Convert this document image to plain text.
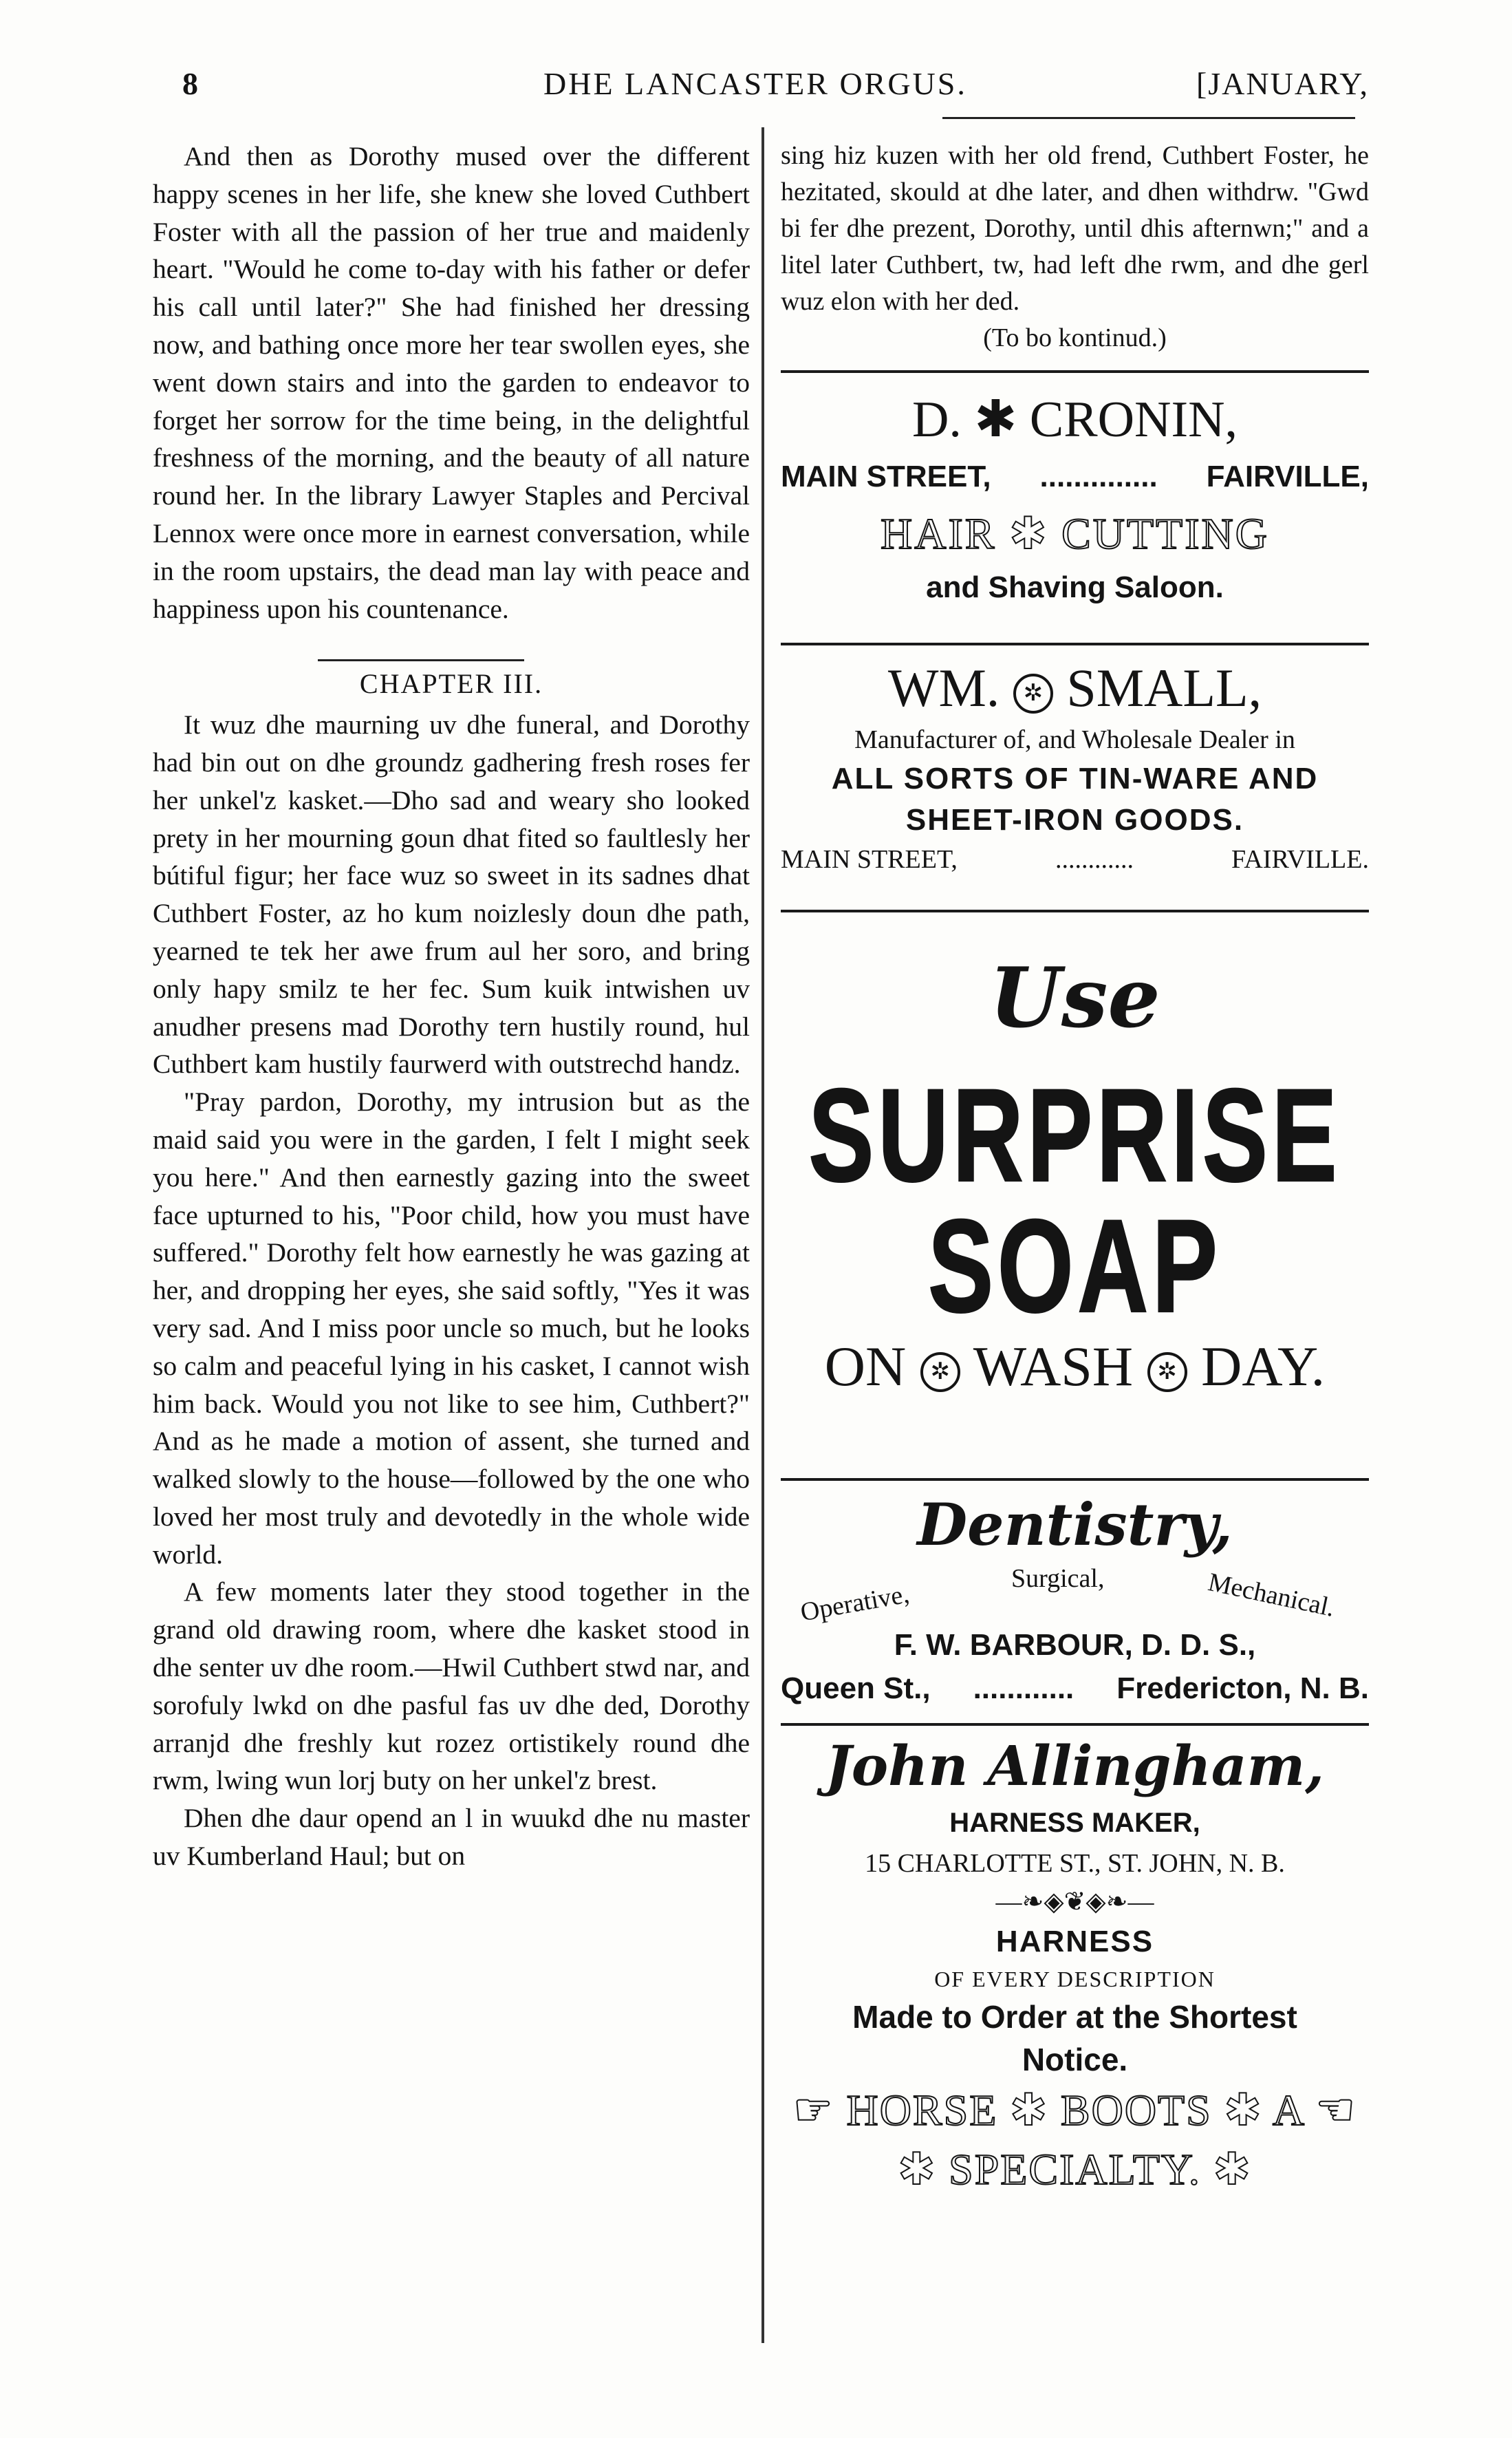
8	DHE LANCASTER ORGUS.	[JANUARY,

And then as Dorothy mused over the different happy scenes in her life, she knew she loved Cuthbert Foster with all the passion of her true and maidenly heart. "Would he come to-day with his father or defer his call until later?" She had finished her dressing now, and bathing once more her tear swollen eyes, she went down stairs and into the garden to endeavor to forget her sorrow for the time being, in the delightful freshness of the morning, and the beauty of all nature round her. In the library Lawyer Staples and Percival Lennox were once more in earnest conversation, while in the room upstairs, the dead man lay with peace and happiness upon his countenance.

CHAPTER III.

It wuz dhe maurning uv dhe funeral, and Dorothy had bin out on dhe groundz gadhering fresh roses fer her unkel'z kasket.—Dho sad and weary sho looked prety in her mourning goun dhat fited so faultlesly her bútiful figur; her face wuz so sweet in its sadnes dhat Cuthbert Foster, az ho kum noizlesly doun dhe path, yearned te tek her awe frum aul her soro, and bring only hapy smilz te her fec. Sum kuik intwishen uv anudher presens mad Dorothy tern hustily round, hul Cuthbert kam hustily faurwerd with outstrechd handz.

"Pray pardon, Dorothy, my intrusion but as the maid said you were in the garden, I felt I might seek you here." And then earnestly gazing into the sweet face upturned to his, "Poor child, how you must have suffered." Dorothy felt how earnestly he was gazing at her, and dropping her eyes, she said softly, "Yes it was very sad. And I miss poor uncle so much, but he looks so calm and peaceful lying in his casket, I cannot wish him back. Would you not like to see him, Cuthbert?" And as he made a motion of assent, she turned and walked slowly to the house—followed by the one who loved her most truly and devotedly in the whole wide world.

A few moments later they stood together in the grand old drawing room, where dhe kasket stood in dhe senter uv dhe room.—Hwil Cuthbert stwd nar, and sorofuly lwkd on dhe pasful fas uv dhe ded, Dorothy arranjd dhe freshly kut rozez ortistikely round dhe rwm, lwing wun lorj buty on her unkel'z brest.

Dhen dhe daur opend an l in wuukd dhe nu master uv Kumberland Haul; but on

sing hiz kuzen with her old frend, Cuthbert Foster, he hezitated, skould at dhe later, and dhen withdrw. "Gwd bi fer dhe prezent, Dorothy, until dhis afternwn;" and a litel later Cuthbert, tw, had left dhe rwm, and dhe gerl wuz elon with her ded.

(To bo kontinud.)
D. ✱ CRONIN,
MAIN STREET, .............. FAIRVILLE,
HAIR ✱ CUTTING
and Shaving Saloon.
WM. ✲ SMALL,
Manufacturer of, and Wholesale Dealer in
ALL SORTS OF TIN-WARE AND
SHEET-IRON GOODS.
MAIN STREET,	............	FAIRVILLE.
Use
SURPRISE
SOAP
ON ✲ WASH ✲ DAY.
Dentistry,
Operative,
Surgical,	Mechanical.
F. W. BARBOUR, D. D. S.,
Queen St., ............ Fredericton, N. B.
John Allingham,
HARNESS MAKER,
15 CHARLOTTE ST., ST. JOHN, N. B.
—❧◈❦◈❧—
HARNESS
OF EVERY DESCRIPTION
Made to Order at the Shortest
Notice.
☛ HORSE ✱ BOOTS ✱ A ☚
✱ SPECIALTY. ✱
